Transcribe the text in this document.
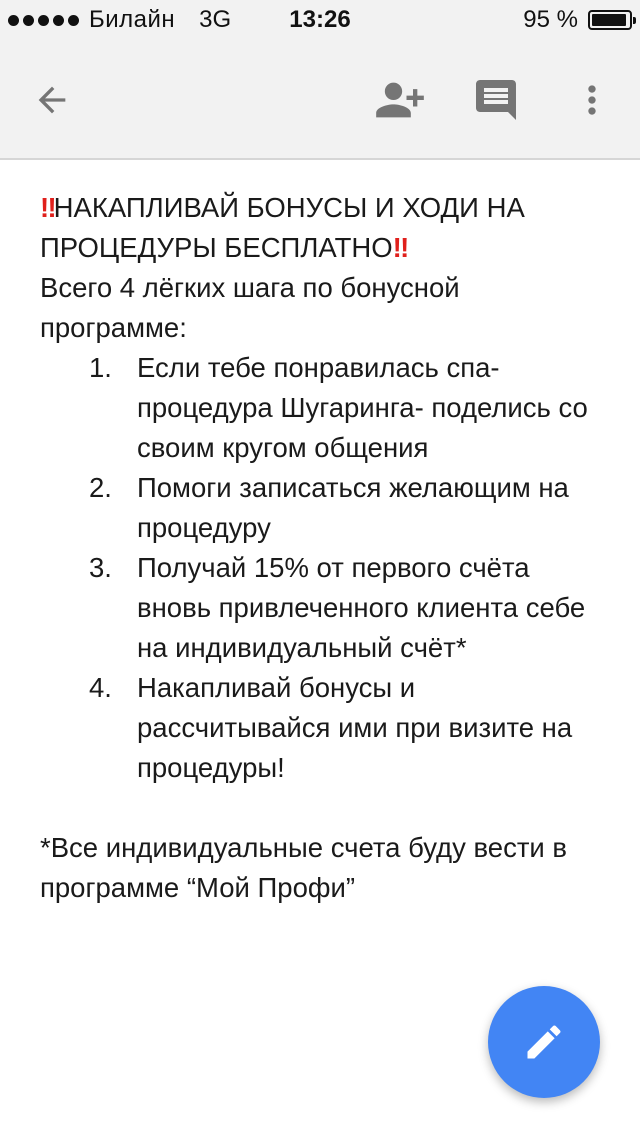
Билайн 3G	13:26	95 %

‼НАКАПЛИВАЙ БОНУСЫ И ХОДИ НА ПРОЦЕДУРЫ БЕСПЛАТНО‼

Всего 4 лёгких шага по бонусной программе:

1. Если тебе понравилась спа-процедура Шугаринга- поделись со своим кругом общения
2. Помоги записаться желающим на процедуру
3. Получай 15% от первого счёта вновь привлеченного клиента себе на индивидуальный счёт*
4. Накапливай бонусы и рассчитывайся ими при визите на процедуры!

*Все индивидуальные счета буду вести в программе “Мой Профи”
